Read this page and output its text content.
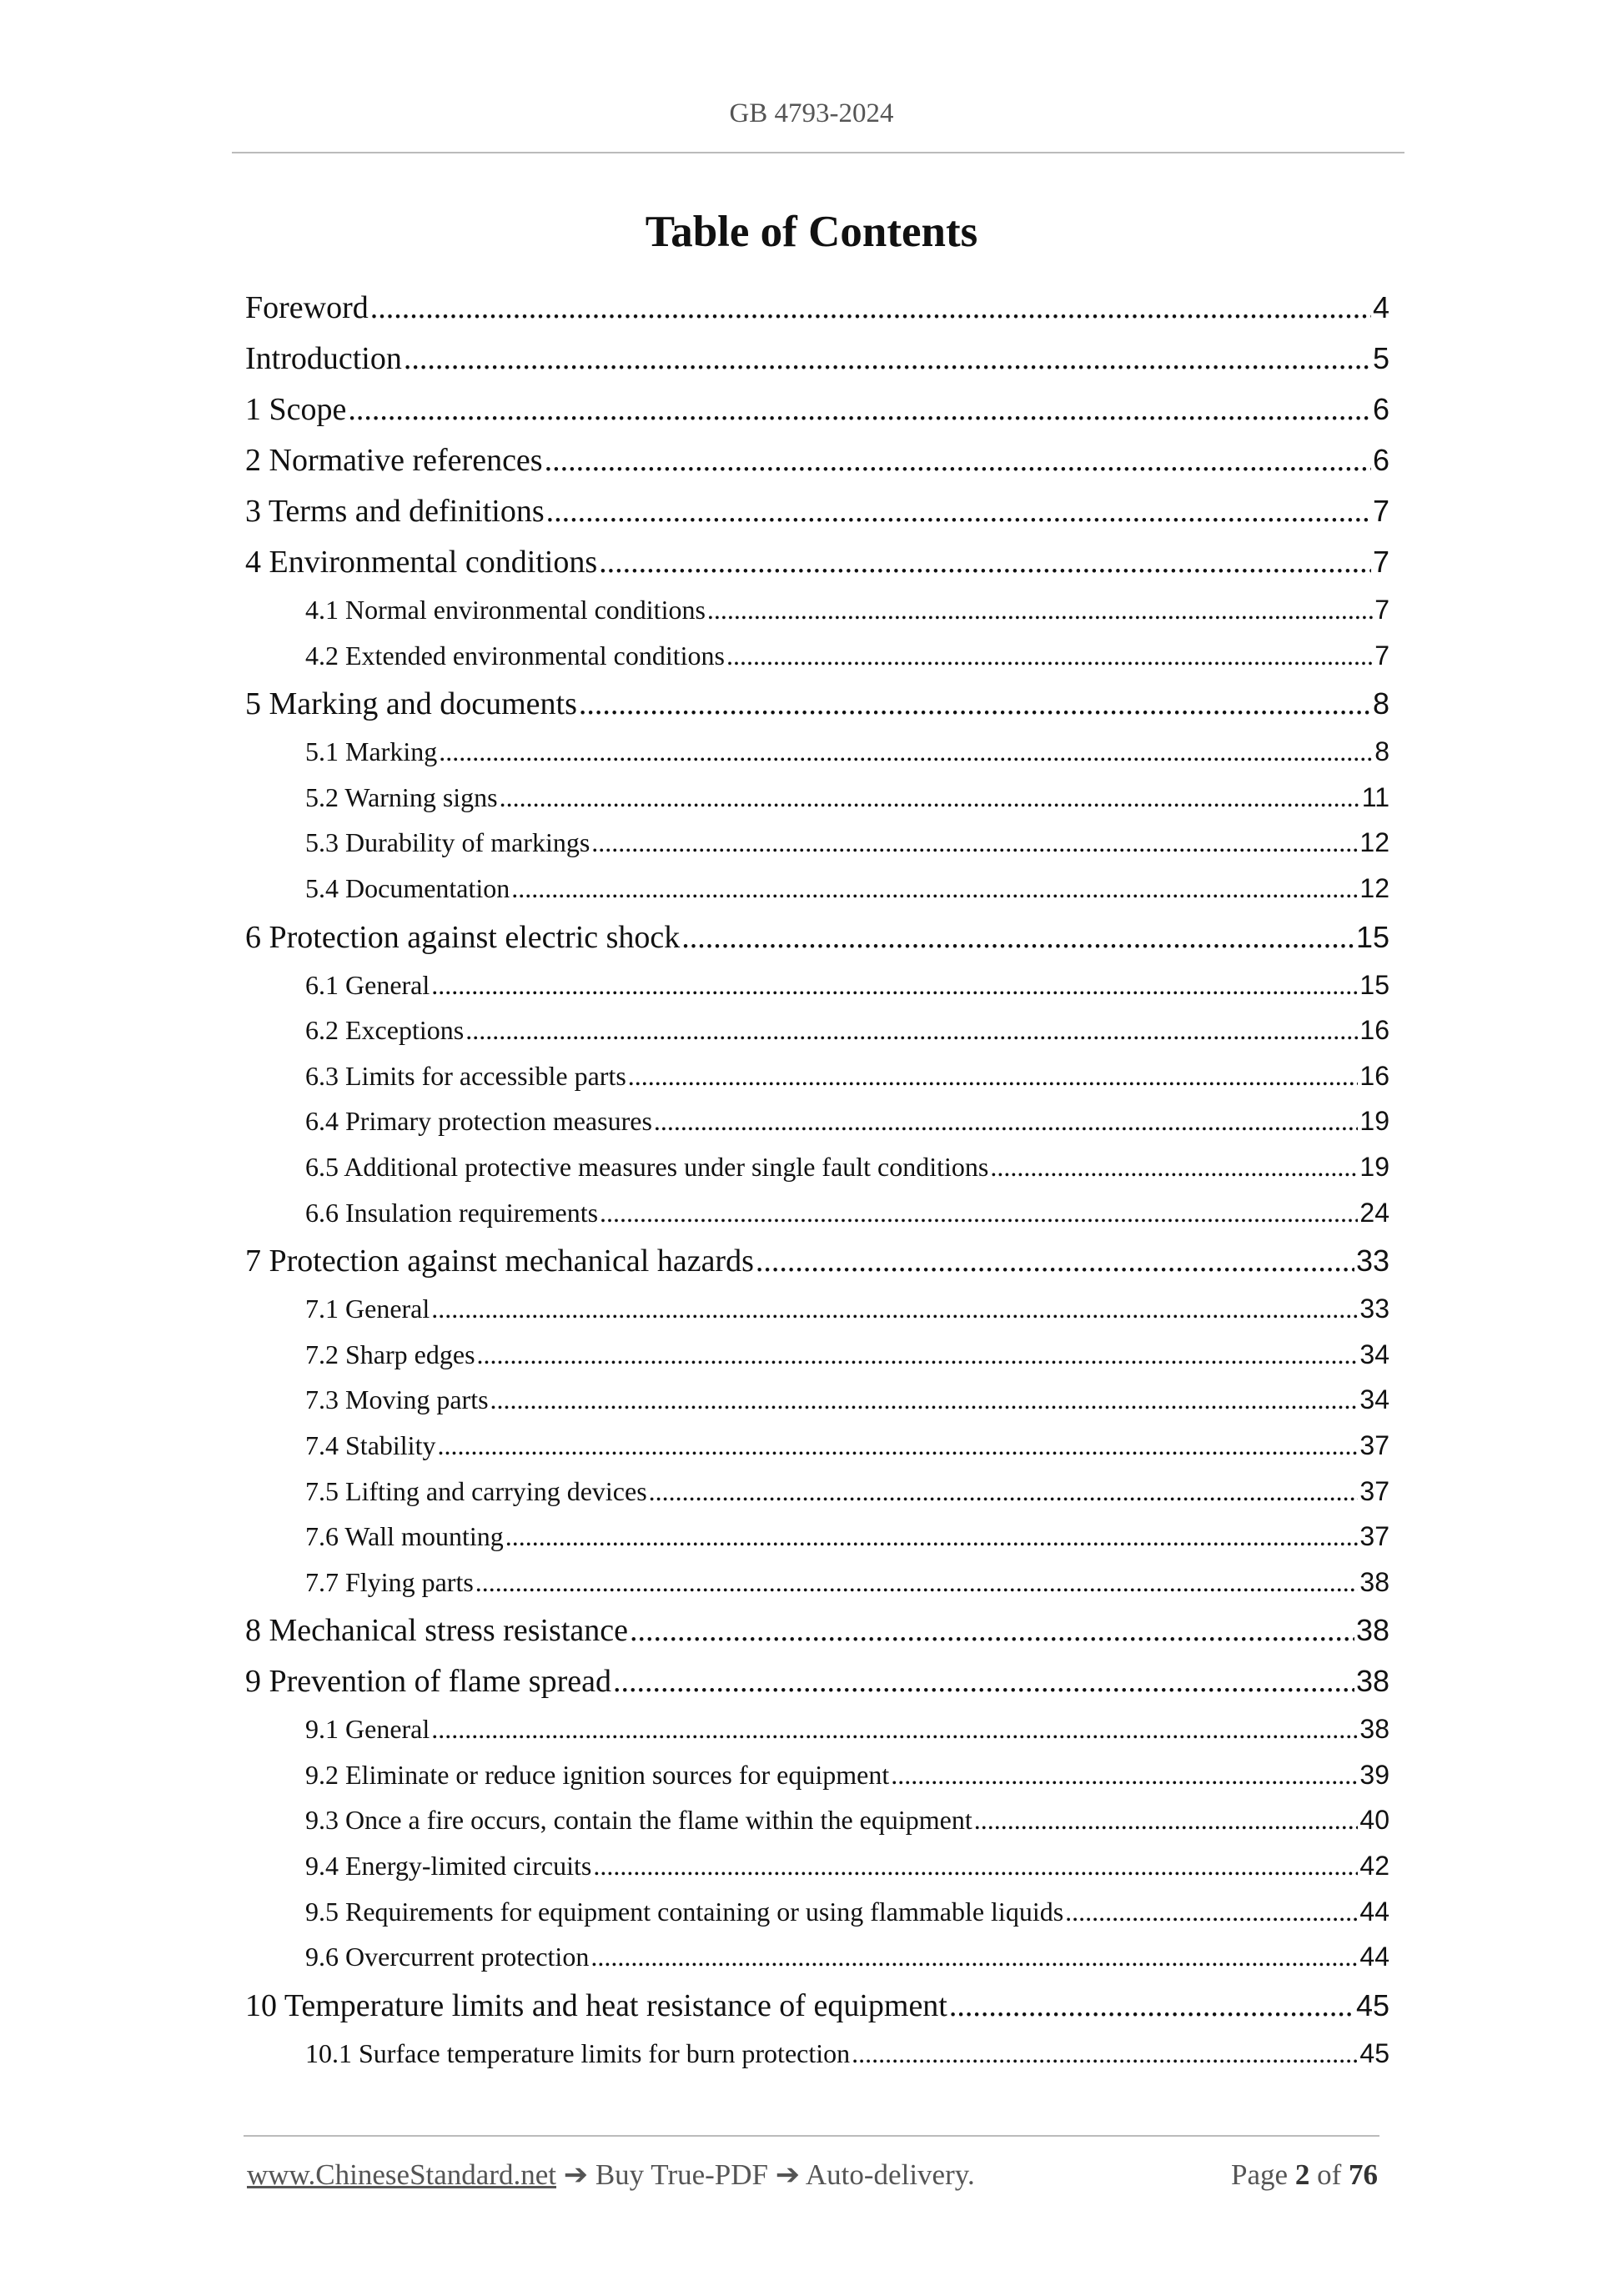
GB 4793-2024
Table of Contents
Foreword .....	4
Introduction .....	5
1 Scope .....	6
2 Normative references .....	6
3 Terms and definitions .....	7
4 Environmental conditions .....	7
4.1 Normal environmental conditions .....	7
4.2 Extended environmental conditions .....	7
5 Marking and documents .....	8
5.1 Marking .....	8
5.2 Warning signs .....	11
5.3 Durability of markings .....	12
5.4 Documentation .....	12
6 Protection against electric shock .....	15
6.1 General .....	15
6.2 Exceptions .....	16
6.3 Limits for accessible parts .....	16
6.4 Primary protection measures .....	19
6.5 Additional protective measures under single fault conditions .....	19
6.6 Insulation requirements .....	24
7 Protection against mechanical hazards .....	33
7.1 General .....	33
7.2 Sharp edges .....	34
7.3 Moving parts .....	34
7.4 Stability .....	37
7.5 Lifting and carrying devices .....	37
7.6 Wall mounting .....	37
7.7 Flying parts .....	38
8 Mechanical stress resistance .....	38
9 Prevention of flame spread .....	38
9.1 General .....	38
9.2 Eliminate or reduce ignition sources for equipment .....	39
9.3 Once a fire occurs, contain the flame within the equipment .....	40
9.4 Energy-limited circuits .....	42
9.5 Requirements for equipment containing or using flammable liquids .....	44
9.6 Overcurrent protection .....	44
10 Temperature limits and heat resistance of equipment .....	45
10.1 Surface temperature limits for burn protection .....	45
www.ChineseStandard.net ➔ Buy True-PDF ➔ Auto-delivery.	Page 2 of 76
